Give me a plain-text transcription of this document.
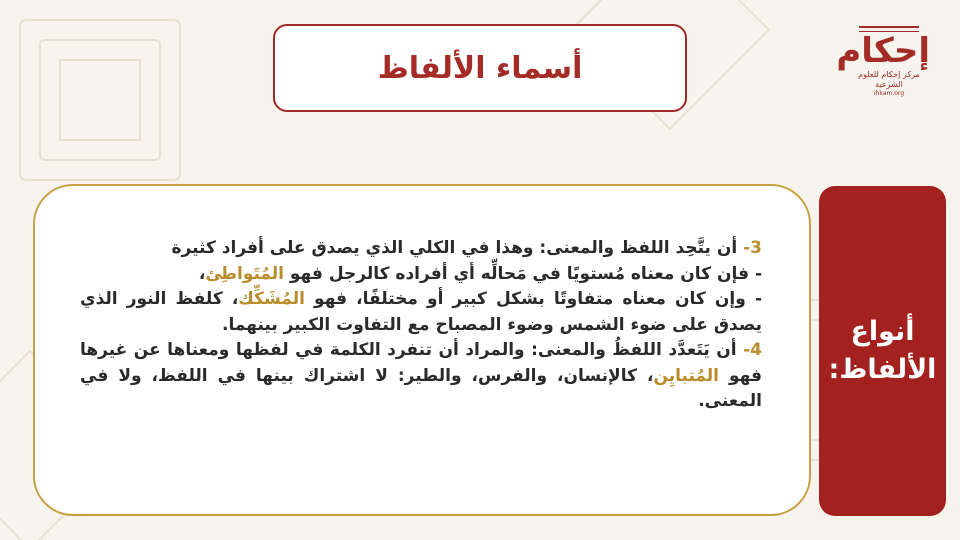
أسماء الألفاظ	إحكام
مركز إحكام للعلوم الشرعية
ihkam.org

3- أن يتَّحِد اللفظ والمعنى: وهذا في الكلي الذي يصدق على أفراد كثيرة

- فإن كان معناه مُستويًا في مَحالِّه أي أفراده كالرجل فهو المُتَواطِئ،

- وإن كان معناه متفاوتًا بشكل كبير أو مختلفًا، فهو المُشَكِّك، كلفظ النور الذي يصدق على ضوء الشمس وضوء المصباح مع التفاوت الكبير بينهما.

4- أن يَتَعدَّد اللفظُ والمعنى: والمراد أن تنفرد الكلمة في لفظها ومعناها عن غيرها فهو المُتبايِن، كالإنسان، والفرس، والطير: لا اشتراك بينها في اللفظ، ولا في المعنى.

أنواع
الألفاظ:
